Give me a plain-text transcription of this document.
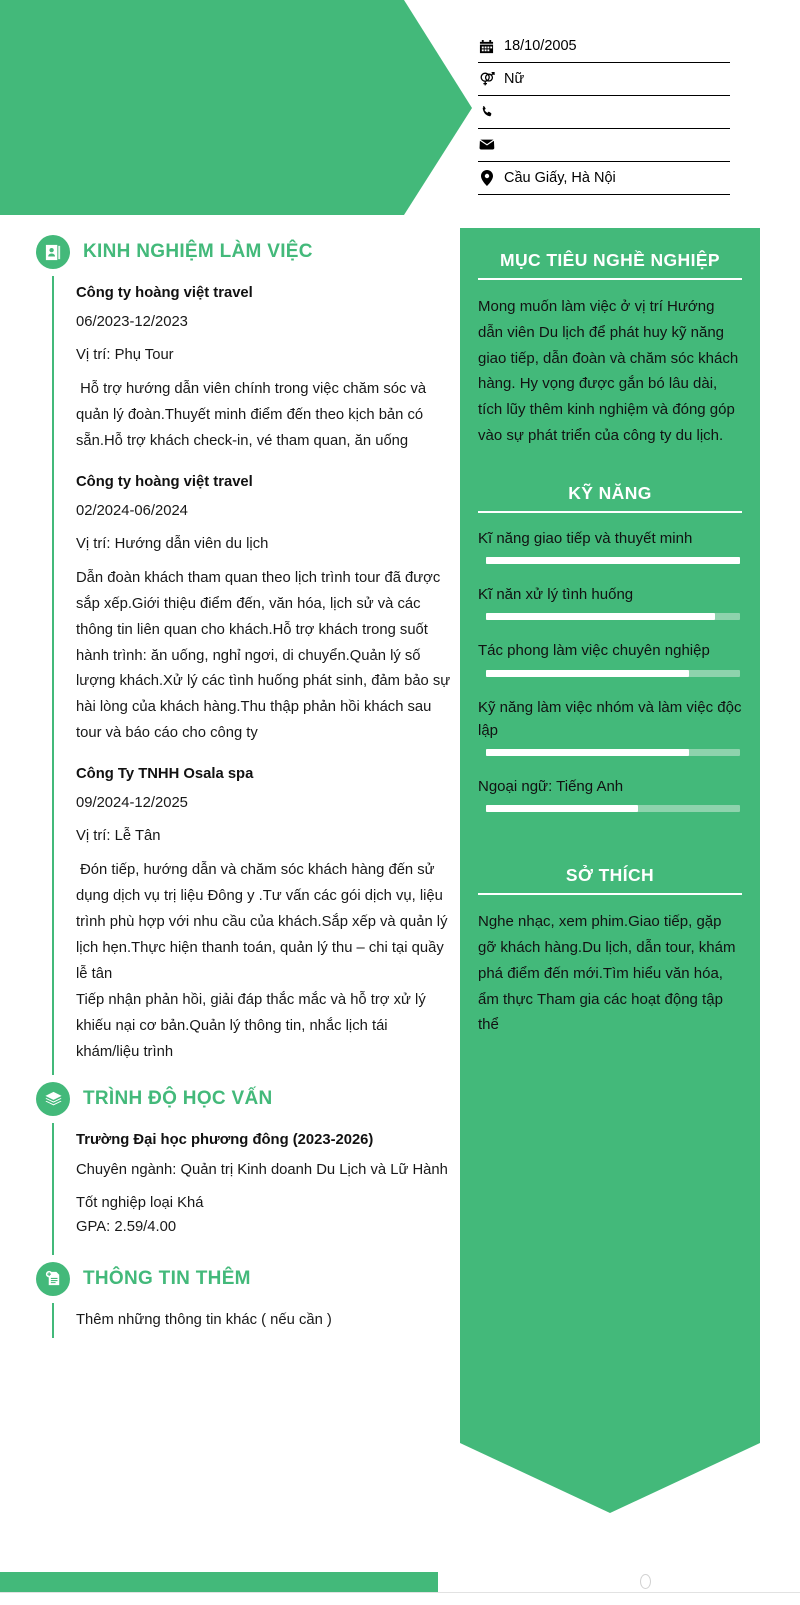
18/10/2005
Nữ
Cầu Giấy, Hà Nội
MỤC TIÊU NGHỀ NGHIỆP
Mong muốn làm việc ở vị trí Hướng dẫn viên Du lịch để phát huy kỹ năng giao tiếp, dẫn đoàn và chăm sóc khách hàng. Hy vọng được gắn bó lâu dài, tích lũy thêm kinh nghiệm và đóng góp vào sự phát triển của công ty du lịch.
KỸ NĂNG
Kĩ năng giao tiếp và thuyết minh
Kĩ năn xử lý tình huống
Tác phong làm việc chuyên nghiệp
Kỹ năng làm việc nhóm và làm việc độc lập
Ngoại ngữ: Tiếng Anh
SỞ THÍCH
Nghe nhạc, xem phim.Giao tiếp, gặp gỡ khách hàng.Du lịch, dẫn tour, khám phá điểm đến mới.Tìm hiểu văn hóa, ẩm thực Tham gia các hoạt động tập thể
KINH NGHIỆM LÀM VIỆC
Công ty hoàng việt travel
06/2023-12/2023
Vị trí: Phụ Tour
Hỗ trợ hướng dẫn viên chính trong việc chăm sóc và quản lý đoàn.Thuyết minh điểm đến theo kịch bản có sẵn.Hỗ trợ khách check-in, vé tham quan, ăn uống
Công ty hoàng việt travel
02/2024-06/2024
Vị trí: Hướng dẫn viên du lịch
Dẫn đoàn khách tham quan theo lịch trình tour đã được sắp xếp.Giới thiệu điểm đến, văn hóa, lịch sử và các thông tin liên quan cho khách.Hỗ trợ khách trong suốt hành trình: ăn uống, nghỉ ngơi, di chuyển.Quản lý số lượng khách.Xử lý các tình huống phát sinh, đảm bảo sự hài lòng của khách hàng.Thu thập phản hồi khách sau tour và báo cáo cho công ty
Công Ty TNHH Osala spa
09/2024-12/2025
Vị trí: Lễ Tân
Đón tiếp, hướng dẫn và chăm sóc khách hàng đến sử dụng dịch vụ trị liệu Đông y .Tư vấn các gói dịch vụ, liệu trình phù hợp với nhu cầu của khách.Sắp xếp và quản lý lịch hẹn.Thực hiện thanh toán, quản lý thu – chi tại quầy lễ tân
Tiếp nhận phản hồi, giải đáp thắc mắc và hỗ trợ xử lý khiếu nại cơ bản.Quản lý thông tin, nhắc lịch tái khám/liệu trình
TRÌNH ĐỘ HỌC VẤN
Trường Đại học phương đông (2023-2026)
Chuyên ngành: Quản trị Kinh doanh Du Lịch và Lữ Hành
Tốt nghiệp loại Khá
GPA: 2.59/4.00
THÔNG TIN THÊM
Thêm những thông tin khác ( nếu cần )
